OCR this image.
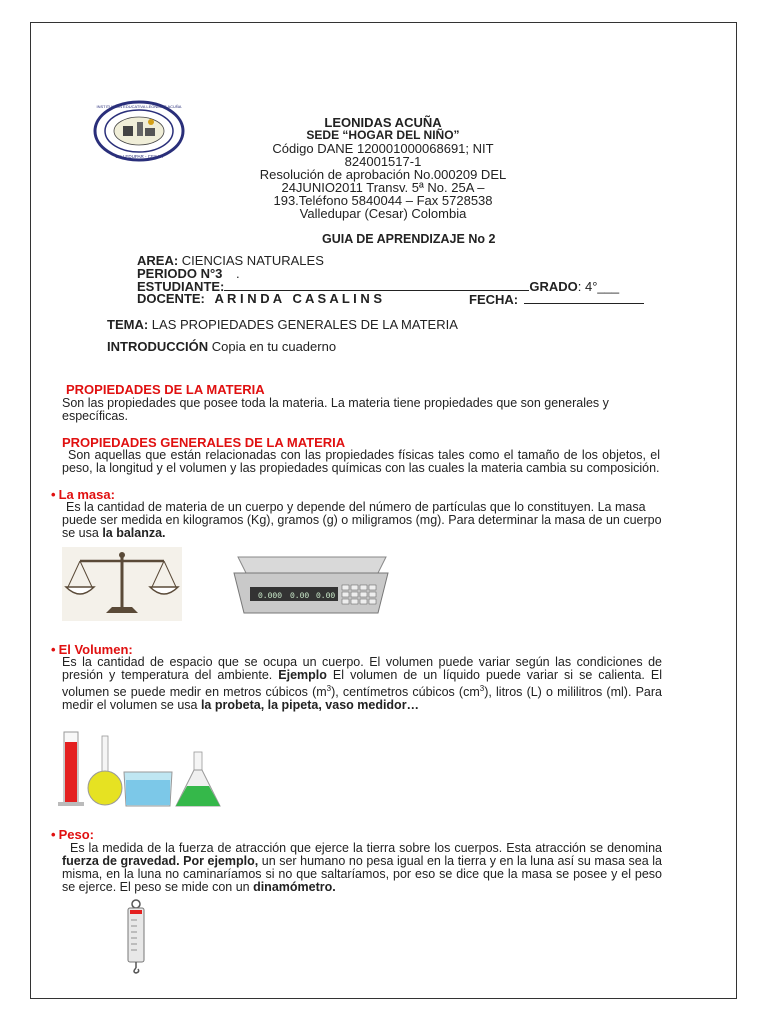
INSTITUCION EDUCATIVA LEONIDAS ACUÑA
VALLEDUPAR - CESAR
LEONIDAS ACUÑA
SEDE “HOGAR DEL NIÑO”
Código DANE 120001000068691; NIT
824001517-1
Resolución de aprobación No.000209 DEL
24JUNIO2011 Transv. 5ª No. 25A –
193.Teléfono 5840044 – Fax 5728538
Valledupar (Cesar) Colombia
GUIA DE APRENDIZAJE No 2
AREA: CIENCIAS NATURALES
PERIODO N°3 .
ESTUDIANTE:	GRADO: 4°___
DOCENTE: A R I N D A   C A S A L I N S	FECHA:
TEMA: LAS PROPIEDADES GENERALES DE LA MATERIA
INTRODUCCIÓN Copia en tu cuaderno
PROPIEDADES DE LA MATERIA
Son las propiedades que posee toda la materia. La materia tiene propiedades que son generales y específicas.
PROPIEDADES GENERALES DE LA MATERIA
Son aquellas que están relacionadas con las propiedades físicas tales como el tamaño de los objetos, el peso, la longitud y el volumen y las propiedades químicas con las cuales la materia cambia su composición.
• La masa:
Es la cantidad de materia de un cuerpo y depende del número de partículas que lo constituyen. La masa puede ser medida en kilogramos (Kg), gramos (g) o miligramos (mg). Para determinar la masa de un cuerpo se usa la balanza.
0.000 0.00 0.00
• El Volumen:
Es la cantidad de espacio que se ocupa un cuerpo. El volumen puede variar según las condiciones de presión y temperatura del ambiente. Ejemplo El volumen de un líquido puede variar si se calienta. El volumen se puede medir en metros cúbicos $(m^3)$, centímetros cúbicos $(cm^3)$, litros (L) o mililitros (ml). Para medir el volumen se usa la probeta, la pipeta, vaso medidor…
• Peso:
Es la medida de la fuerza de atracción que ejerce la tierra sobre los cuerpos. Esta atracción se denomina fuerza de gravedad. Por ejemplo, un ser humano no pesa igual en la tierra y en la luna así su masa sea la misma, en la luna no caminaríamos si no que saltaríamos, por eso se dice que la masa se posee y el peso se ejerce. El peso se mide con un dinamómetro.
